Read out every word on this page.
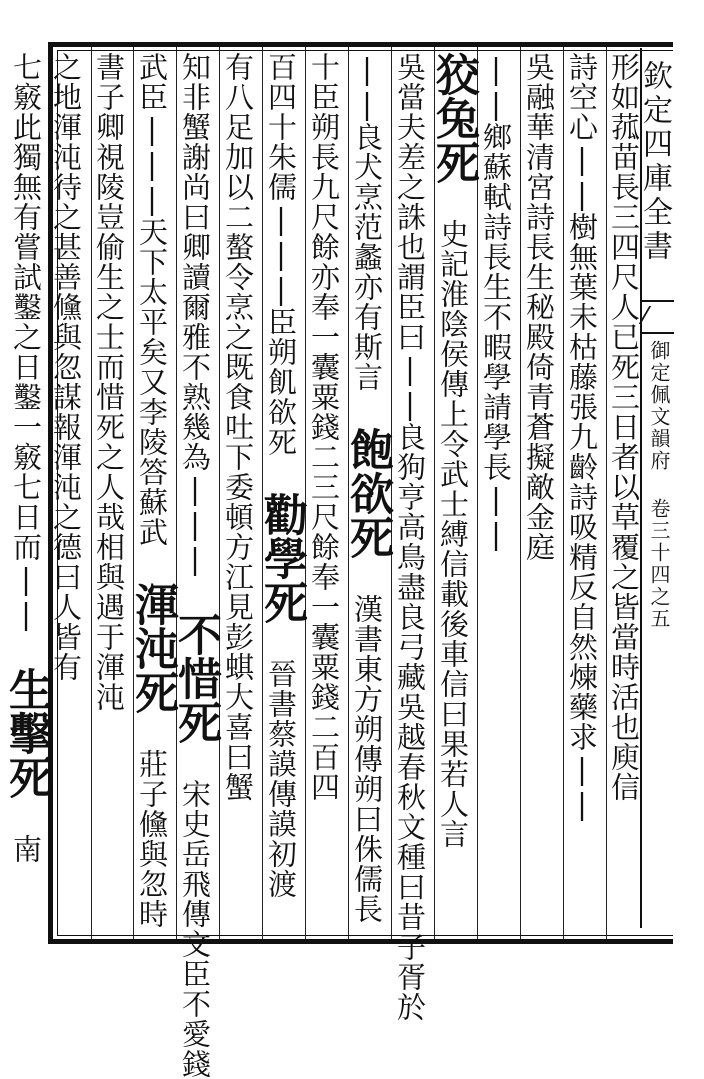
欽定四庫全書
御定佩文韻府 卷三十四之五
形如菰苗長三四尺人已死三日者以草覆之皆當時活也庾信
詩空心||樹無葉未枯藤張九齡詩吸精反自然煉藥求||
吳融華清宮詩長生秘殿倚青蒼擬敵金庭
||鄉蘇軾詩長生不暇學請學長||
狡兔死 史記淮陰侯傳上令武士縛信載後車信曰果若人言
吳當夫差之誅也謂臣曰||良狗亨高鳥盡良弓藏吳越春秋文種曰昔子胥於
||良犬烹范蠡亦有斯言 飽欲死 漢書東方朔傳朔曰侏儒長
十臣朔長九尺餘亦奉一囊粟錢二三尺餘奉一囊粟錢二百四
百四十朱儒|||臣朔飢欲死 勸學死 晉書蔡謨傳謨初渡
有八足加以二螯令烹之既食吐下委頓方江見彭蜞大喜曰蟹
知非蟹謝尚曰卿讀爾雅不熟幾為||| 不惜死 宋史岳飛傳文臣不愛錢
武臣|||天下太平矣又李陵答蘇武 渾沌死 莊子儵與忽時
書子卿視陵豈偷生之士而惜死之人哉相與遇于渾沌
之地渾沌待之甚善儵與忽謀報渾沌之德曰人皆有
七竅此獨無有嘗試鑿之日鑿一竅七日而|| 生擊死 南
